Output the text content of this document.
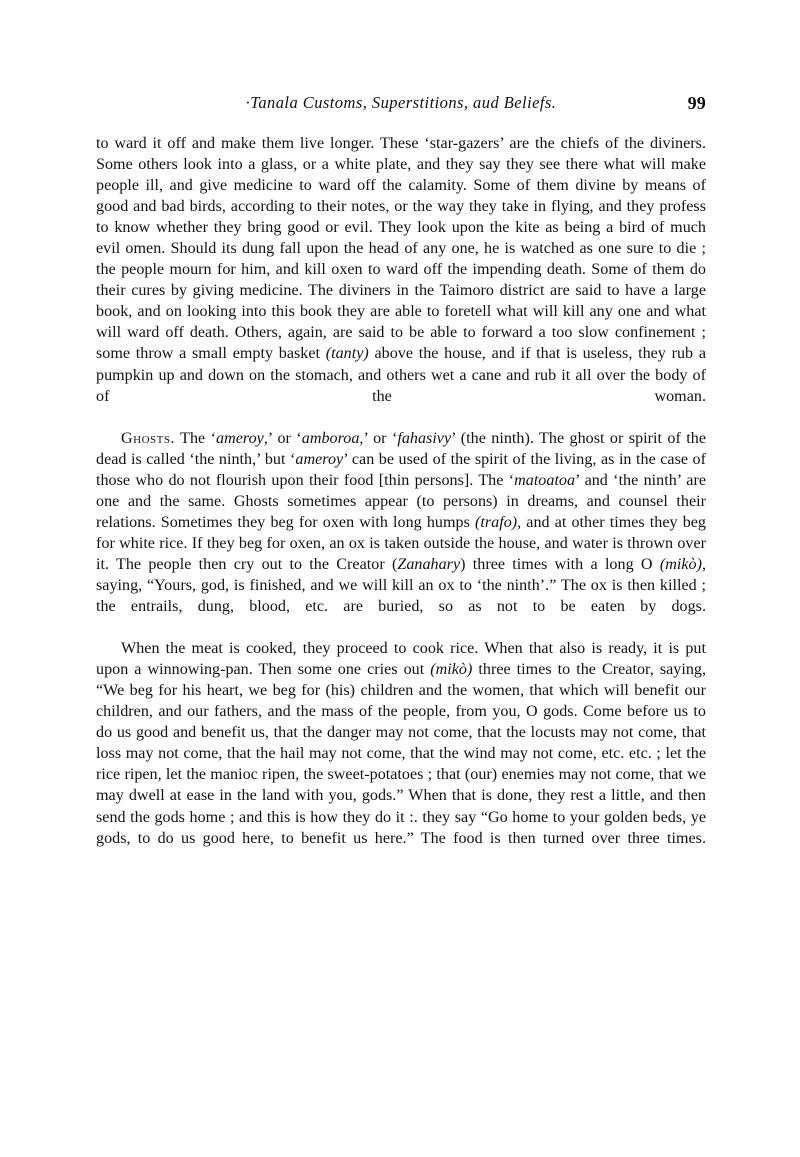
·Tanala Customs, Superstitions, aud Beliefs.	99

to ward it off and make them live longer. These ‘star-gazers’ are the chiefs of the diviners. Some others look into a glass, or a white plate, and they say they see there what will make people ill, and give medicine to ward off the calamity. Some of them divine by means of good and bad birds, according to their notes, or the way they take in flying, and they profess to know whether they bring good or evil. They look upon the kite as being a bird of much evil omen. Should its dung fall upon the head of any one, he is watched as one sure to die ; the people mourn for him, and kill oxen to ward off the impending death. Some of them do their cures by giving medicine. The diviners in the Taimoro district are said to have a large book, and on looking into this book they are able to foretell what will kill any one and what will ward off death. Others, again, are said to be able to forward a too slow confinement ; some throw a small empty basket (tanty) above the house, and if that is useless, they rub a pumpkin up and down on the stomach, and others wet a cane and rub it all over the body of of the woman.

Ghosts. The ‘ameroy,’ or ‘amboroa,’ or ‘fahasivy’ (the ninth). The ghost or spirit of the dead is called ‘the ninth,’ but ‘ameroy’ can be used of the spirit of the living, as in the case of those who do not flourish upon their food [thin persons]. The ‘matoatoa’ and ‘the ninth’ are one and the same. Ghosts sometimes appear (to persons) in dreams, and counsel their relations. Sometimes they beg for oxen with long humps (trafo), and at other times they beg for white rice. If they beg for oxen, an ox is taken outside the house, and water is thrown over it. The people then cry out to the Creator (Zanahary) three times with a long O (mikò), saying, “Yours, god, is finished, and we will kill an ox to ‘the ninth’.” The ox is then killed ; the entrails, dung, blood, etc. are buried, so as not to be eaten by dogs.

When the meat is cooked, they proceed to cook rice. When that also is ready, it is put upon a winnowing-pan. Then some one cries out (mikò) three times to the Creator, saying, “We beg for his heart, we beg for (his) children and the women, that which will benefit our children, and our fathers, and the mass of the people, from you, O gods. Come before us to do us good and benefit us, that the danger may not come, that the locusts may not come, that loss may not come, that the hail may not come, that the wind may not come, etc. etc. ; let the rice ripen, let the manioc ripen, the sweet-potatoes ; that (our) enemies may not come, that we may dwell at ease in the land with you, gods.” When that is done, they rest a little, and then send the gods home ; and this is how they do it :. they say “Go home to your golden beds, ye gods, to do us good here, to benefit us here.” The food is then turned over three times.
